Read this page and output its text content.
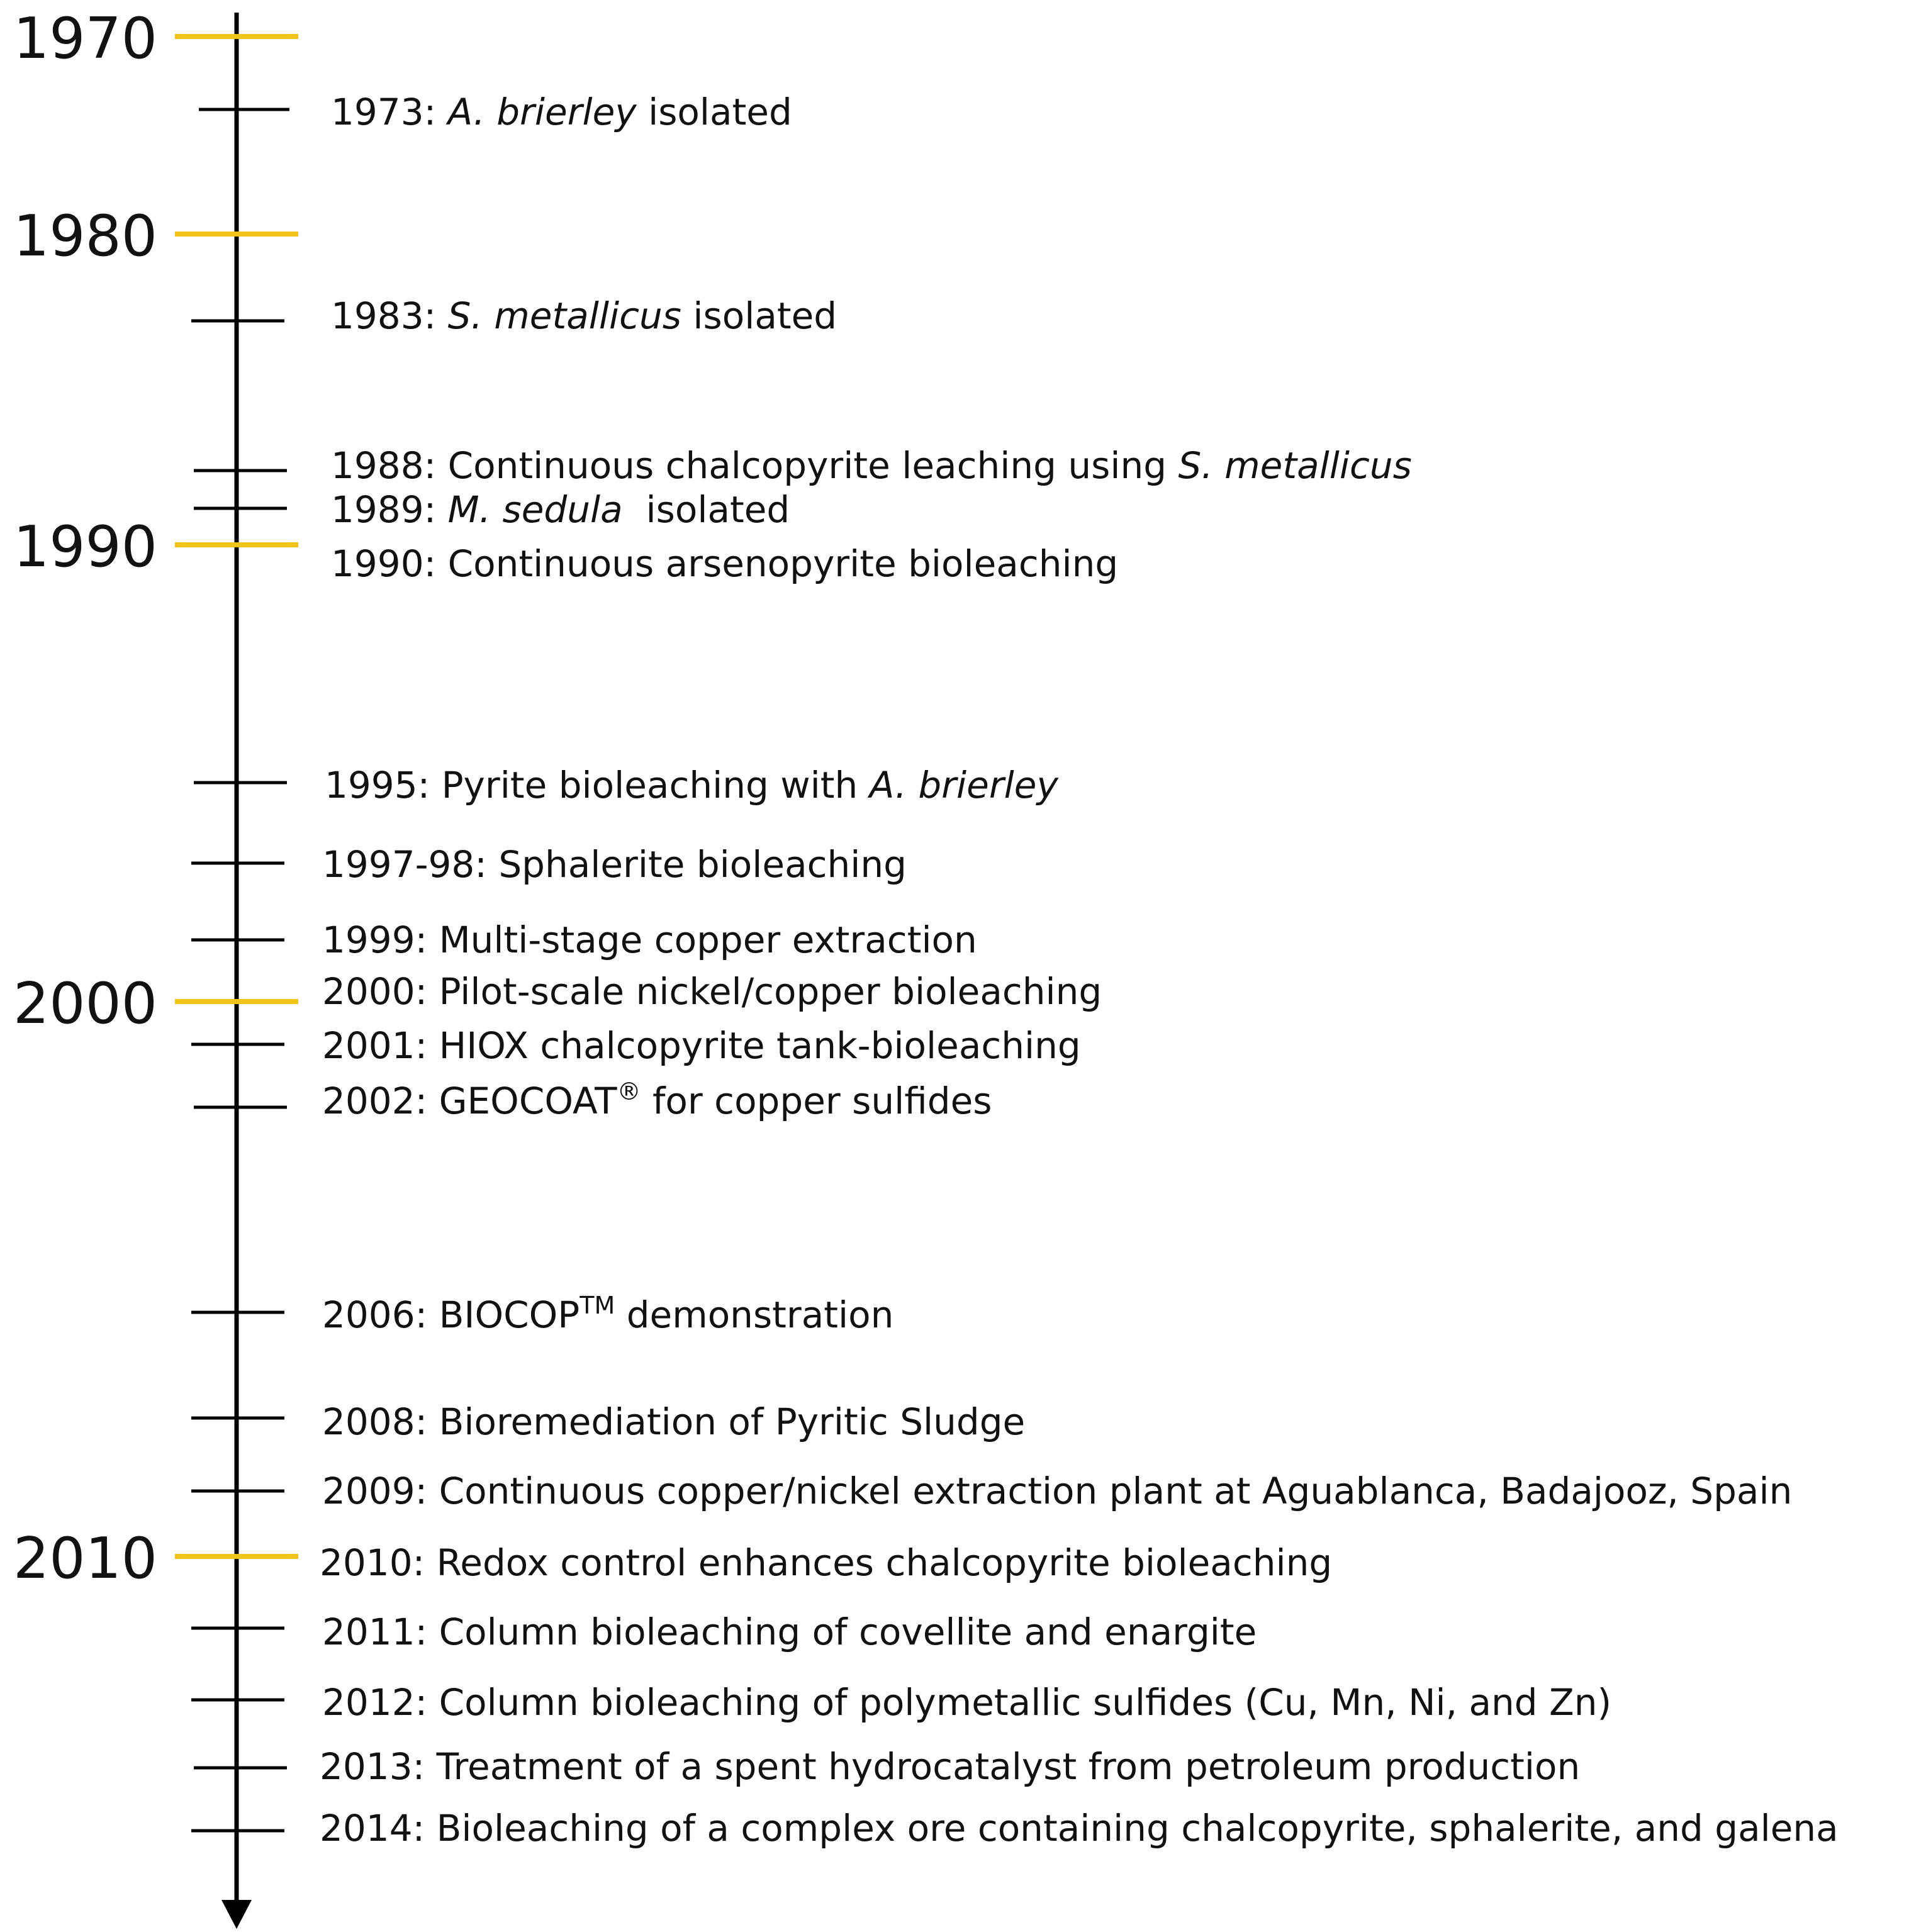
1970
1980
1990
2000
2010
1973: A. brierley isolated
1983: S. metallicus isolated
1988: Continuous chalcopyrite leaching using S. metallicus
1989: M. sedula  isolated
1990: Continuous arsenopyrite bioleaching
1995: Pyrite bioleaching with A. brierley
1997-98: Sphalerite bioleaching
1999: Multi-stage copper extraction
2000: Pilot-scale nickel/copper bioleaching
2001: HIOX chalcopyrite tank-bioleaching
2002: GEOCOAT® for copper sulfides
2006: BIOCOP™ demonstration
2008: Bioremediation of Pyritic Sludge
2009: Continuous copper/nickel extraction plant at Aguablanca, Badajooz, Spain
2010: Redox control enhances chalcopyrite bioleaching
2011: Column bioleaching of covellite and enargite
2012: Column bioleaching of polymetallic sulfides (Cu, Mn, Ni, and Zn)
2013: Treatment of a spent hydrocatalyst from petroleum production
2014: Bioleaching of a complex ore containing chalcopyrite, sphalerite, and galena
